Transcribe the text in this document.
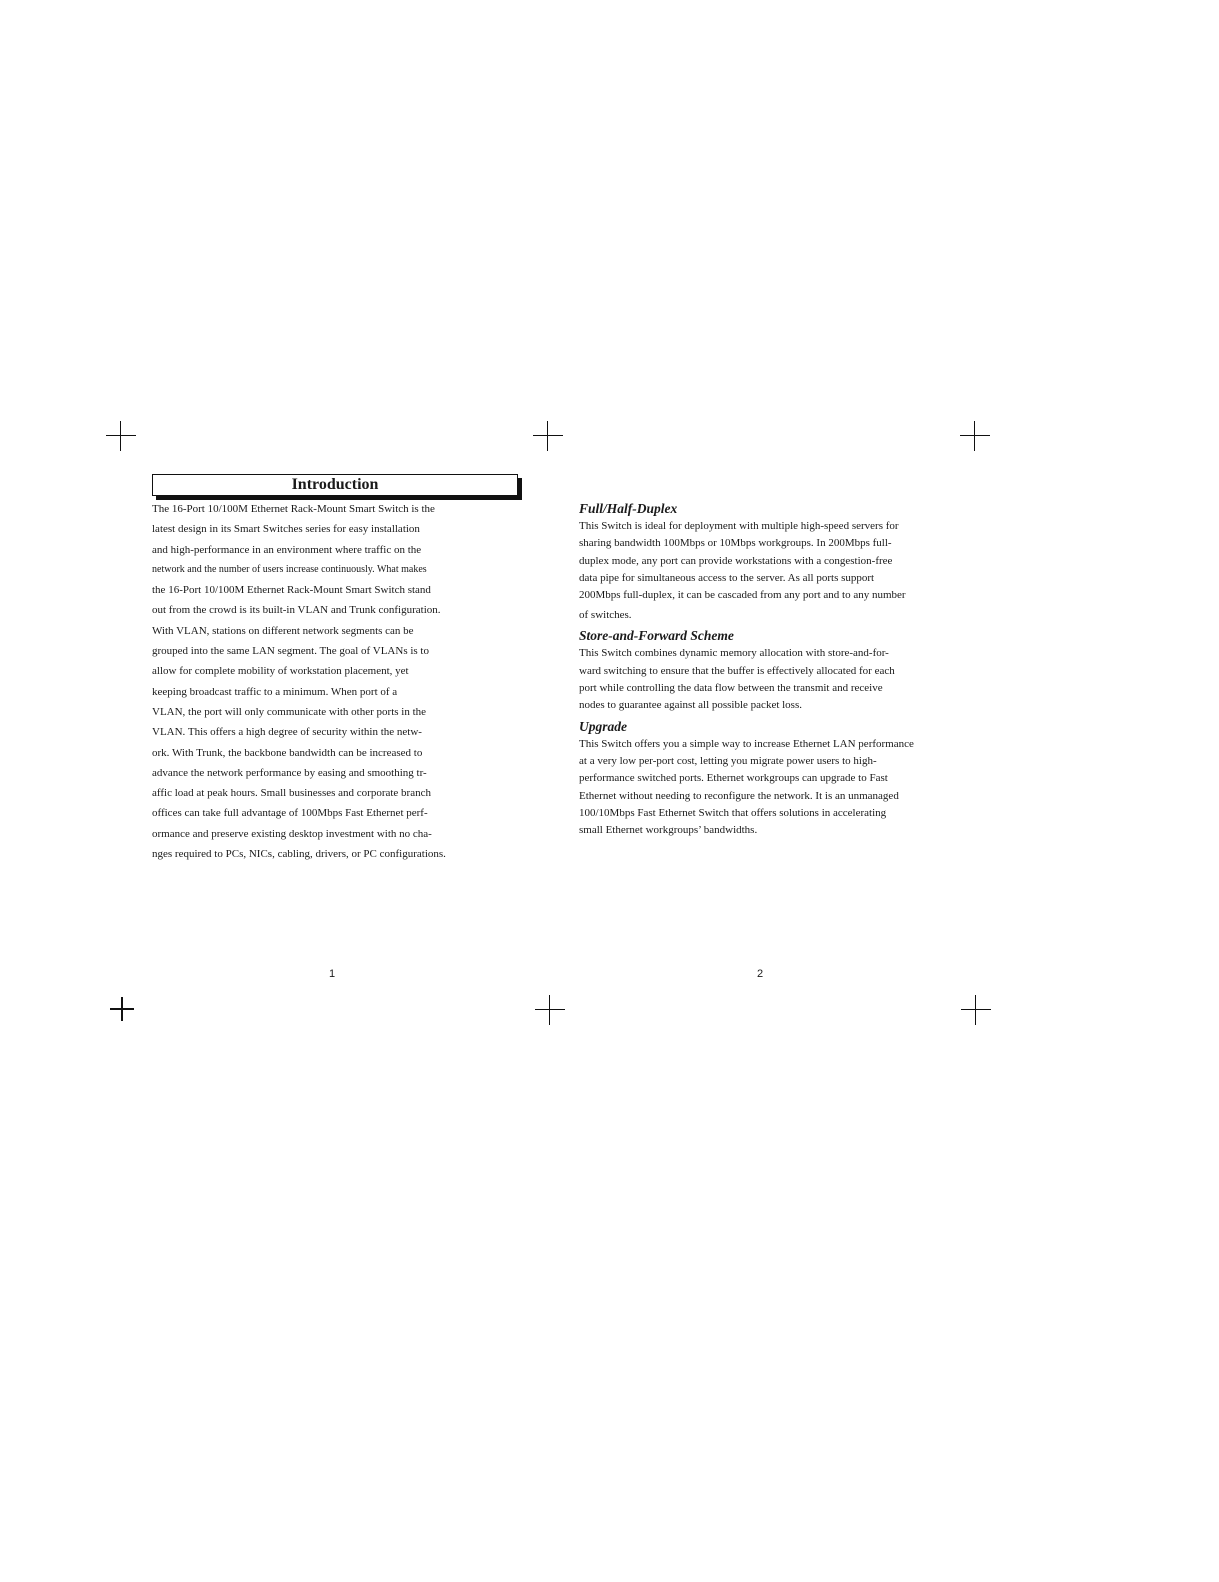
Introduction
The 16-Port 10/100M Ethernet Rack-Mount Smart Switch is the
latest design in its Smart Switches series for easy installation
and high-performance in an environment where traffic on the
network and the number of users increase continuously. What makes
the 16-Port 10/100M Ethernet Rack-Mount Smart Switch stand
out from the crowd is its built-in VLAN and Trunk configuration.
With VLAN, stations on different network segments can be
grouped into the same LAN segment. The goal of VLANs is to
allow for complete mobility of workstation placement, yet
keeping broadcast traffic to a minimum. When port of a
VLAN, the port will only communicate with other ports in the
VLAN. This offers a high degree of security within the netw-
ork. With Trunk, the backbone bandwidth can be increased to
advance the network performance by easing and smoothing tr-
affic load at peak hours. Small businesses and corporate branch
offices can take full advantage of 100Mbps Fast Ethernet perf-
ormance and preserve existing desktop investment with no cha-
nges required to PCs, NICs, cabling, drivers, or PC configurations.
1
Full/Half-Duplex
This Switch is ideal for deployment with multiple high-speed servers for
sharing bandwidth 100Mbps or 10Mbps workgroups. In 200Mbps full-
duplex mode, any port can provide workstations with a congestion-free
data pipe for simultaneous access to the server. As all ports support
200Mbps full-duplex, it can be cascaded from any port and to any number
of switches.
Store-and-Forward Scheme
This Switch combines dynamic memory allocation with store-and-for-
ward switching to ensure that the buffer is effectively allocated for each
port while controlling the data flow between the transmit and receive
nodes to guarantee against all possible packet loss.
Upgrade
This Switch offers you a simple way to increase Ethernet LAN performance
at a very low per-port cost, letting you migrate power users to high-
performance switched ports. Ethernet workgroups can upgrade to Fast
Ethernet without needing to reconfigure the network. It is an unmanaged
100/10Mbps Fast Ethernet Switch that offers solutions in accelerating
small Ethernet workgroups’ bandwidths.
2
